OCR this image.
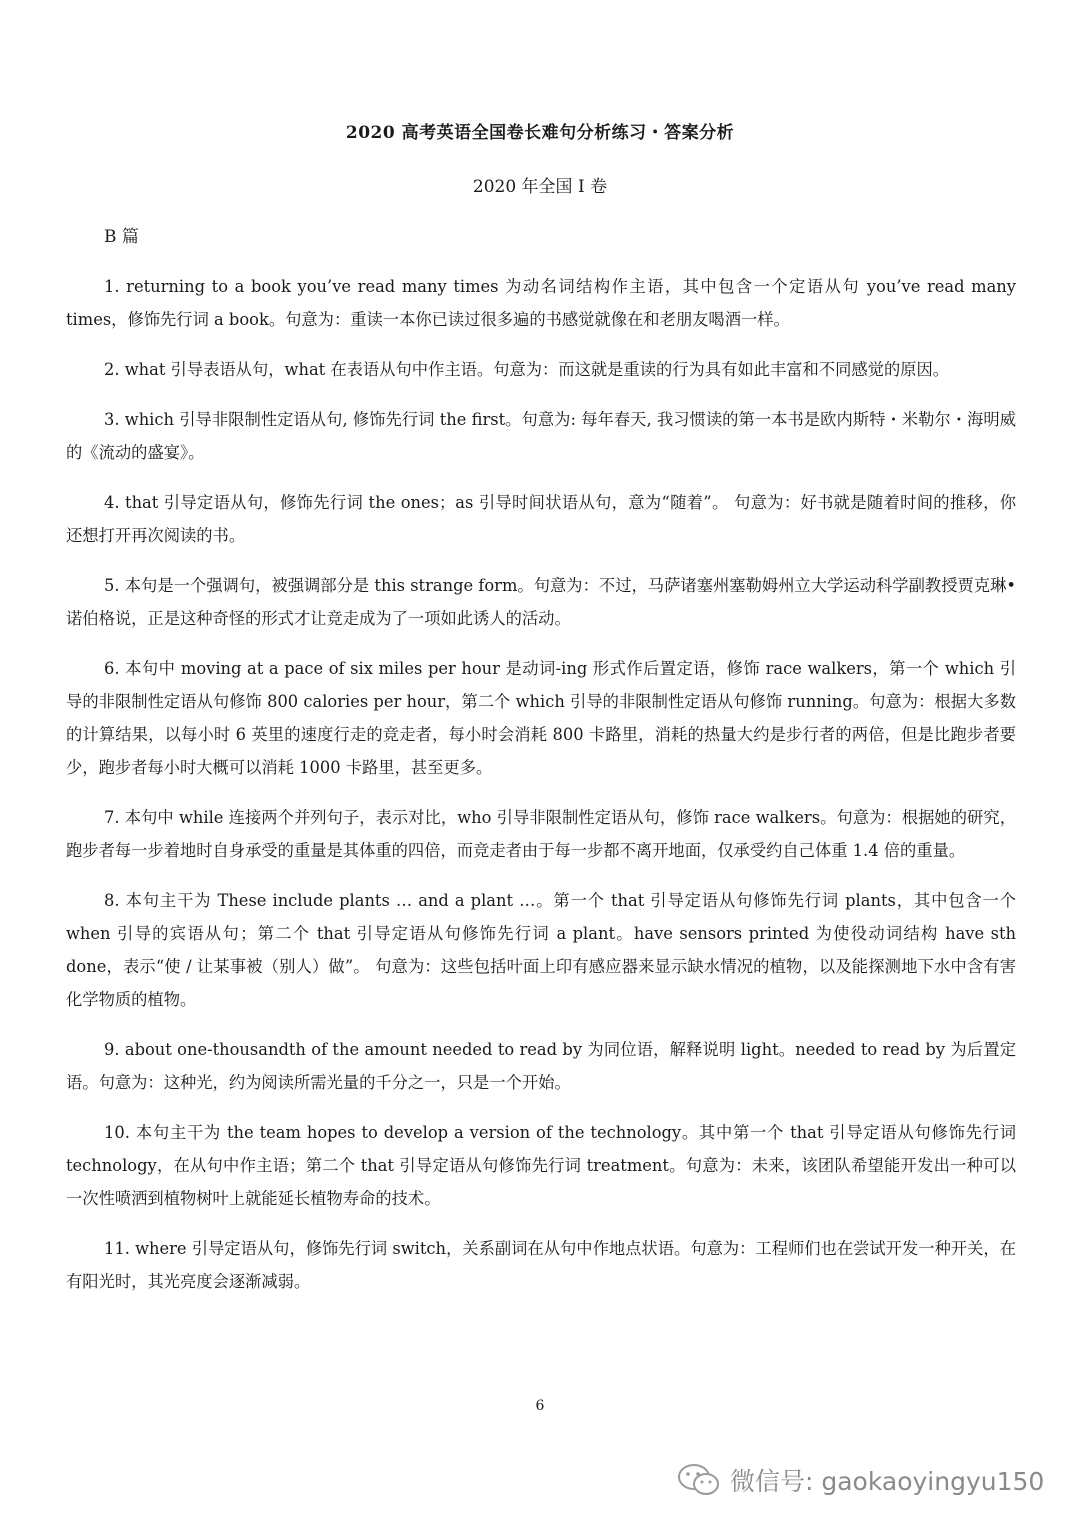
2020 高考英语全国卷长难句分析练习・答案分析
2020 年全国 I 卷
B 篇

1. returning to a book you’ve read many times 为动名词结构作主语，其中包含一个定语从句 you’ve read many times，修饰先行词 a book。句意为：重读一本你已读过很多遍的书感觉就像在和老朋友喝酒一样。

2. what 引导表语从句，what 在表语从句中作主语。句意为：而这就是重读的行为具有如此丰富和不同感觉的原因。

3. which 引导非限制性定语从句, 修饰先行词 the first。句意为: 每年春天, 我习惯读的第一本书是欧内斯特・米勒尔・海明威的《流动的盛宴》。

4. that 引导定语从句，修饰先行词 the ones；as 引导时间状语从句，意为“随着”。 句意为：好书就是随着时间的推移，你还想打开再次阅读的书。

5. 本句是一个强调句，被强调部分是 this strange form。句意为：不过，马萨诸塞州塞勒姆州立大学运动科学副教授贾克琳•诺伯格说，正是这种奇怪的形式才让竞走成为了一项如此诱人的活动。

6. 本句中 moving at a pace of six miles per hour 是动词-ing 形式作后置定语，修饰 race walkers，第一个 which 引导的非限制性定语从句修饰 800 calories per hour，第二个 which 引导的非限制性定语从句修饰 running。句意为：根据大多数的计算结果，以每小时 6 英里的速度行走的竞走者，每小时会消耗 800 卡路里，消耗的热量大约是步行者的两倍，但是比跑步者要少，跑步者每小时大概可以消耗 1000 卡路里，甚至更多。

7. 本句中 while 连接两个并列句子，表示对比，who 引导非限制性定语从句，修饰 race walkers。句意为：根据她的研究，跑步者每一步着地时自身承受的重量是其体重的四倍，而竞走者由于每一步都不离开地面，仅承受约自己体重 1.4 倍的重量。

8. 本句主干为 These include plants … and a plant …。第一个 that 引导定语从句修饰先行词 plants，其中包含一个 when 引导的宾语从句；第二个 that 引导定语从句修饰先行词 a plant。have sensors printed 为使役动词结构 have sth done，表示“使 / 让某事被（别人）做”。 句意为：这些包括叶面上印有感应器来显示缺水情况的植物，以及能探测地下水中含有害化学物质的植物。

9. about one-thousandth of the amount needed to read by 为同位语，解释说明 light。needed to read by 为后置定语。句意为：这种光，约为阅读所需光量的千分之一，只是一个开始。

10. 本句主干为 the team hopes to develop a version of the technology。其中第一个 that 引导定语从句修饰先行词 technology，在从句中作主语；第二个 that 引导定语从句修饰先行词 treatment。句意为：未来，该团队希望能开发出一种可以一次性喷洒到植物树叶上就能延长植物寿命的技术。

11. where 引导定语从句，修饰先行词 switch，关系副词在从句中作地点状语。句意为：工程师们也在尝试开发一种开关，在有阳光时，其光亮度会逐渐减弱。

6
微信号: gaokaoyingyu150
